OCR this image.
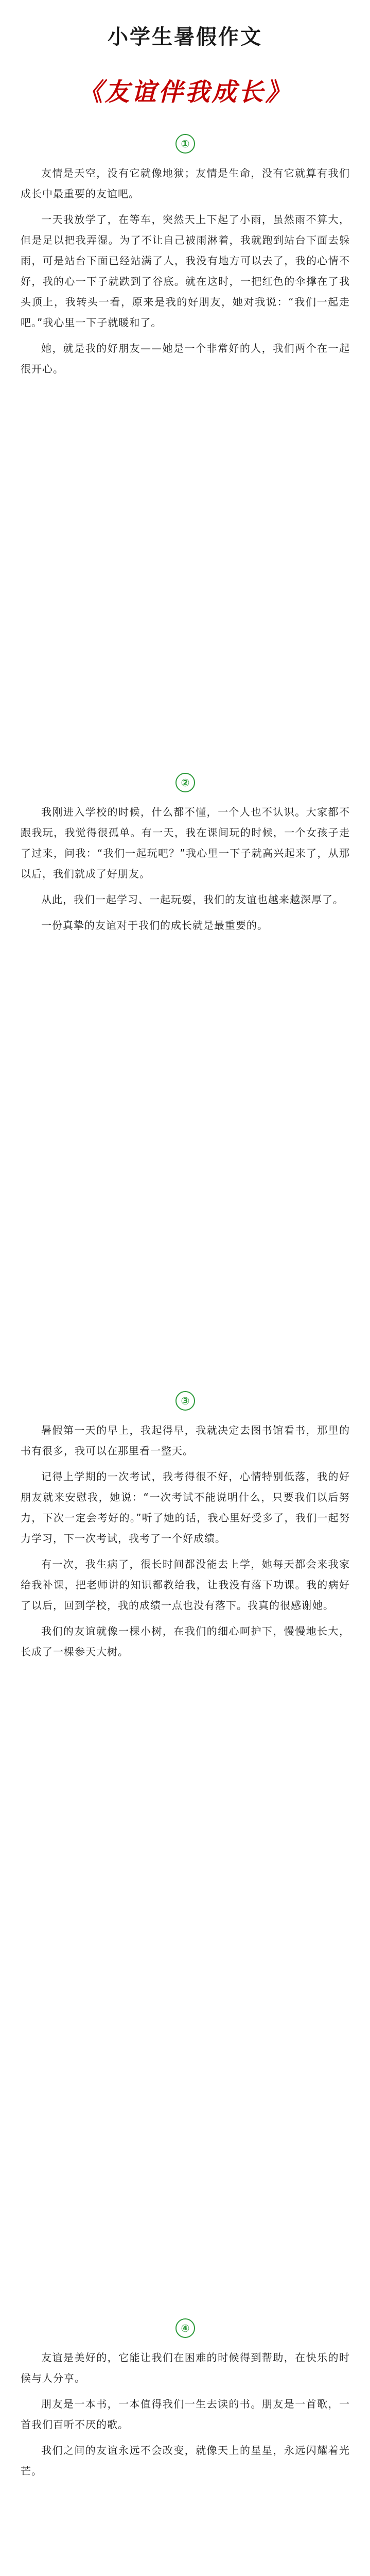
小学生暑假作文
《友谊伴我成长》
①

友情是天空，没有它就像地狱；友情是生命，没有它就算有我们成长中最重要的友谊吧。

一天我放学了，在等车，突然天上下起了小雨，虽然雨不算大，但是足以把我弄湿。为了不让自己被雨淋着，我就跑到站台下面去躲雨，可是站台下面已经站满了人，我没有地方可以去了，我的心情不好，我的心一下子就跌到了谷底。就在这时，一把红色的伞撑在了我头顶上，我转头一看，原来是我的好朋友，她对我说：“我们一起走吧。”我心里一下子就暖和了。

她，就是我的好朋友——她是一个非常好的人，我们两个在一起很开心。

②

我刚进入学校的时候，什么都不懂，一个人也不认识。大家都不跟我玩，我觉得很孤单。有一天，我在课间玩的时候，一个女孩子走了过来，问我：“我们一起玩吧？”我心里一下子就高兴起来了，从那以后，我们就成了好朋友。

从此，我们一起学习、一起玩耍，我们的友谊也越来越深厚了。

一份真挚的友谊对于我们的成长就是最重要的。

③

暑假第一天的早上，我起得早，我就决定去图书馆看书，那里的书有很多，我可以在那里看一整天。

记得上学期的一次考试，我考得很不好，心情特别低落，我的好朋友就来安慰我，她说：“一次考试不能说明什么，只要我们以后努力，下次一定会考好的。”听了她的话，我心里好受多了，我们一起努力学习，下一次考试，我考了一个好成绩。

有一次，我生病了，很长时间都没能去上学，她每天都会来我家给我补课，把老师讲的知识都教给我，让我没有落下功课。我的病好了以后，回到学校，我的成绩一点也没有落下。我真的很感谢她。

我们的友谊就像一棵小树，在我们的细心呵护下，慢慢地长大，长成了一棵参天大树。

④

友谊是美好的，它能让我们在困难的时候得到帮助，在快乐的时候与人分享。

朋友是一本书，一本值得我们一生去读的书。朋友是一首歌，一首我们百听不厌的歌。

我们之间的友谊永远不会改变，就像天上的星星，永远闪耀着光芒。
